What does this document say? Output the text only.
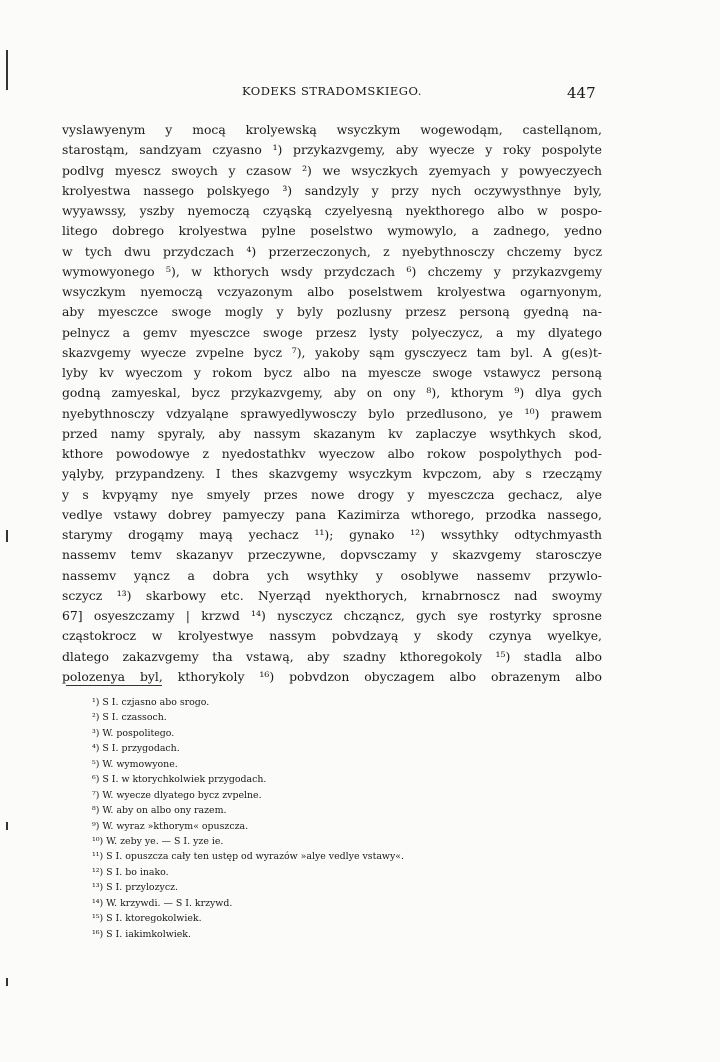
KODEKS STRADOMSKIEGO.	447
vyslawyenym y mocą krolyewską wsyczkym wogewodąm, castelląnom,
starostąm, sandzyam czyasno ¹) przykazvgemy, aby wyecze y roky pospolyte
podlvg myescz swoych y czasow ²) we wsyczkych zyemyach y powyeczyech
krolyestwa nassego polskyego ³) sandzyly y przy nych oczywysthnye byly,
wyyawssy, yszby nyemoczą czyąską czyelyesną nyekthorego albo w pospo-
litego dobrego krolyestwa pylne poselstwo wymowylo, a zadnego, yedno
w tych dwu przydczach ⁴) przerzeczonych, z nyebythnosczy chczemy bycz
wymowyonego ⁵), w kthorych wsdy przydczach ⁶) chczemy y przykazvgemy
wsyczkym nyemoczą vczyazonym albo poselstwem krolyestwa ogarnyonym,
aby myesczce swoge mogly y byly pozlusny przesz personą gyedną na-
pelnycz a gemv myesczce swoge przesz lysty polyeczycz, a my dlyatego
skazvgemy wyecze zvpelne bycz ⁷), yakoby sąm gysczyecz tam byl. A g(es)t-
lyby kv wyeczom y rokom bycz albo na myescze swoge vstawycz personą
godną zamyeskal, bycz przykazvgemy, aby on ony ⁸), kthorym ⁹) dlya gych
nyebythnosczy vdzyaląne sprawyedlywosczy bylo przedlusono, ye ¹⁰) prawem
przed namy spyraly, aby nassym skazanym kv zaplaczye wsythkych skod,
kthore powodowye z nyedostathkv wyeczow albo rokow pospolythych pod-
yąlyby, przypandzeny. I thes skazvgemy wsyczkym kvpczom, aby s rzecząmy
y s kvpyąmy nye smyely przes nowe drogy y myesczcza gechacz, alye
vedlye vstawy dobrey pamyeczy pana Kazimirza wthorego, przodka nassego,
starymy drogąmy mayą yechacz ¹¹); gynako ¹²) wssythky odtychmyasth
nassemv temv skazanyv przeczywne, dopvsczamy y skazvgemy starosczye
nassemv yąncz a dobra ych wsythky y osoblywe nassemv przywlo-
sczycz ¹³) skarbowy etc. Nyerząd nyekthorych, krnabrnoscz nad swoymy
67] osyeszczamy | krzwd ¹⁴) nysczycz chcząncz, gych sye rostyrky sprosne
cząstokrocz w krolyestwye nassym pobvdzayą y skody czynya wyelkye,
dlatego zakazvgemy tha vstawą, aby szadny kthoregokoly ¹⁵) stadla albo
polozenya byl, kthorykoly ¹⁶) pobvdzon obyczagem albo obrazenym albo
¹) S I. czjasno abo srogo.
²) S I. czassoch.
³) W. pospolitego.
⁴) S I. przygodach.
⁵) W. wymowyone.
⁶) S I. w ktorychkolwiek przygodach.
⁷) W. wyecze dlyatego bycz zvpelne.
⁸) W. aby on albo ony razem.
⁹) W. wyraz »kthorym« opuszcza.
¹⁰) W. zeby ye. — S I. yze ie.
¹¹) S I. opuszcza cały ten ustęp od wyrazów »alye vedlye vstawy«.
¹²) S I. bo inako.
¹³) S I. przylozycz.
¹⁴) W. krzywdi. — S I. krzywd.
¹⁵) S I. ktoregokolwiek.
¹⁶) S I. iakimkolwiek.
